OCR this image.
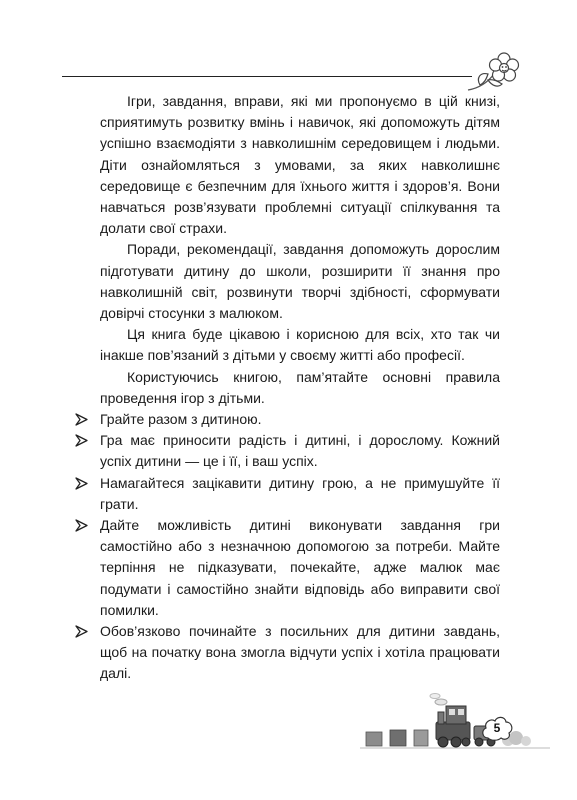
Ігри, завдання, вправи, які ми пропонуємо в цій книзі, сприятимуть розвитку вмінь і навичок, які допоможуть дітям успішно взаємодіяти з навколишнім середовищем і людьми. Діти ознайомляться з умовами, за яких навколишнє середовище є безпечним для їхнього життя і здоров’я. Вони навчаться розв’язувати проблемні ситуації спілкування та долати свої страхи.

Поради, рекомендації, завдання допоможуть дорослим підготувати дитину до школи, розширити її знання про навколишній світ, розвинути творчі здібності, сформувати довірчі стосунки з малюком.

Ця книга буде цікавою і корисною для всіх, хто так чи інакше пов’язаний з дітьми у своєму житті або професії.

Користуючись книгою, пам’ятайте основні правила проведення ігор з дітьми.

Грайте разом з дитиною.
Гра має приносити радість і дитині, і дорослому. Кожний успіх дитини — це і її, і ваш успіх.
Намагайтеся зацікавити дитину грою, а не примушуйте її грати.
Дайте можливість дитині виконувати завдання гри самостійно або з незначною допомогою за потреби. Майте терпіння не підказувати, почекайте, адже малюк має подумати і самостійно знайти відповідь або виправити свої помилки.
Обов’язково починайте з посильних для дитини завдань, щоб на початку вона змогла відчути успіх і хотіла працювати далі.
5
